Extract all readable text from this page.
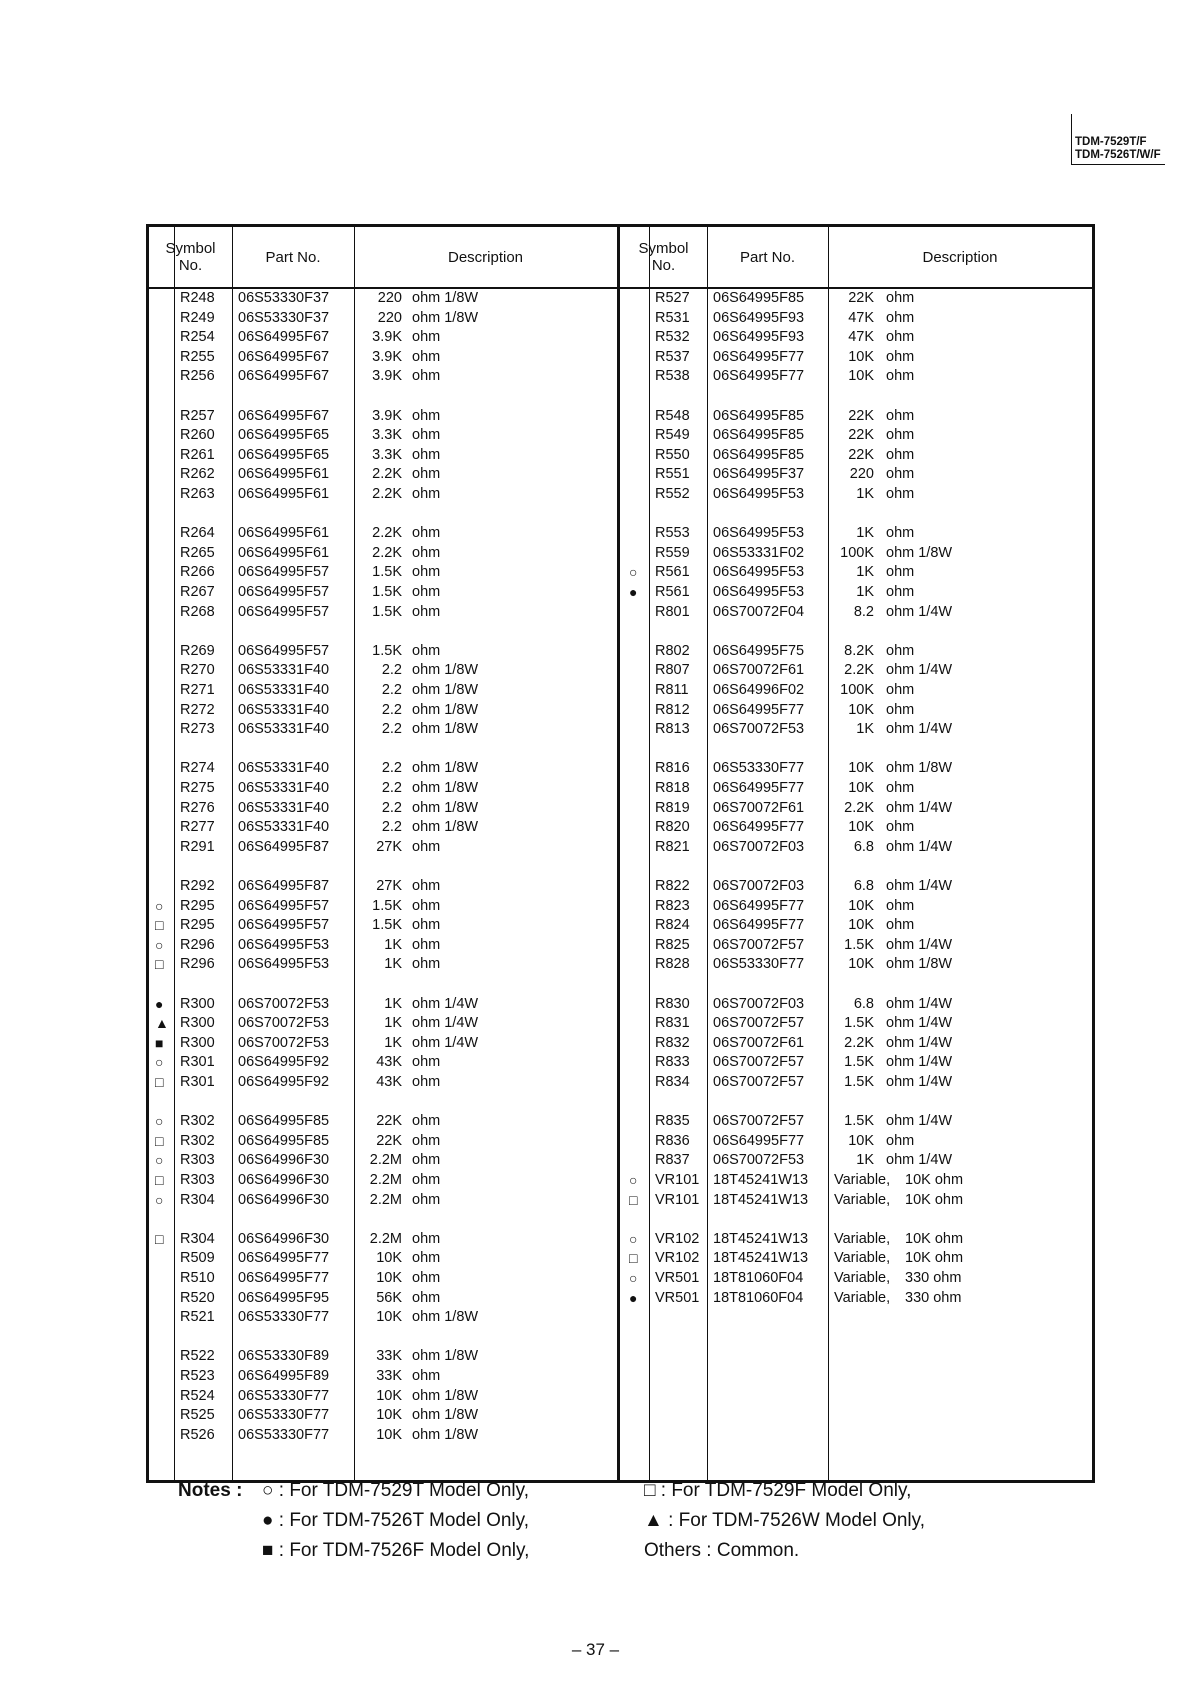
TDM-7529T/F
TDM-7526T/W/F
Symbol
No.	Part No.	Description
R248 06S53330F37	220 ohm 1/8W
R249 06S53330F37	220 ohm 1/8W
R254 06S64995F67	3.9K ohm
R255 06S64995F67	3.9K ohm
R256 06S64995F67	3.9K ohm
R257 06S64995F67	3.9K ohm
R260 06S64995F65	3.3K ohm
R261 06S64995F65	3.3K ohm
R262 06S64995F61	2.2K ohm
R263 06S64995F61	2.2K ohm
R264 06S64995F61	2.2K ohm
R265 06S64995F61	2.2K ohm
R266 06S64995F57	1.5K ohm
R267 06S64995F57	1.5K ohm
R268 06S64995F57	1.5K ohm
R269 06S64995F57	1.5K ohm
R270 06S53331F40	2.2 ohm 1/8W
R271 06S53331F40	2.2 ohm 1/8W
R272 06S53331F40	2.2 ohm 1/8W
R273 06S53331F40	2.2 ohm 1/8W
R274 06S53331F40	2.2 ohm 1/8W
R275 06S53331F40	2.2 ohm 1/8W
R276 06S53331F40	2.2 ohm 1/8W
R277 06S53331F40	2.2 ohm 1/8W
R291 06S64995F87	27K ohm
R292 06S64995F87	27K ohm
○ R295 06S64995F57	1.5K ohm
□ R295 06S64995F57	1.5K ohm
○ R296 06S64995F53	1K ohm
□ R296 06S64995F53	1K ohm
● R300 06S70072F53	1K ohm 1/4W
▲ R300 06S70072F53	1K ohm 1/4W
■ R300 06S70072F53	1K ohm 1/4W
○ R301 06S64995F92	43K ohm
□ R301 06S64995F92	43K ohm
○ R302 06S64995F85	22K ohm
□ R302 06S64995F85	22K ohm
○ R303 06S64996F30	2.2M ohm
□ R303 06S64996F30	2.2M ohm
○ R304 06S64996F30	2.2M ohm
□ R304 06S64996F30	2.2M ohm
R509 06S64995F77	10K ohm
R510 06S64995F77	10K ohm
R520 06S64995F95	56K ohm
R521 06S53330F77	10K ohm 1/8W
R522 06S53330F89	33K ohm 1/8W
R523 06S64995F89	33K ohm
R524 06S53330F77	10K ohm 1/8W
R525 06S53330F77	10K ohm 1/8W
R526 06S53330F77	10K ohm 1/8W
Symbol
No.	Part No.	Description
R527 06S64995F85	22K ohm
R531 06S64995F93	47K ohm
R532 06S64995F93	47K ohm
R537 06S64995F77	10K ohm
R538 06S64995F77	10K ohm
R548 06S64995F85	22K ohm
R549 06S64995F85	22K ohm
R550 06S64995F85	22K ohm
R551 06S64995F37	220 ohm
R552 06S64995F53	1K ohm
R553 06S64995F53	1K ohm
R559 06S53331F02 100K ohm 1/8W
○ R561 06S64995F53	1K ohm
● R561 06S64995F53	1K ohm
R801 06S70072F04	8.2 ohm 1/4W
R802 06S64995F75	8.2K ohm
R807 06S70072F61	2.2K ohm 1/4W
R811 06S64996F02 100K ohm
R812 06S64995F77	10K ohm
R813 06S70072F53	1K ohm 1/4W
R816 06S53330F77	10K ohm 1/8W
R818 06S64995F77	10K ohm
R819 06S70072F61	2.2K ohm 1/4W
R820 06S64995F77	10K ohm
R821 06S70072F03	6.8 ohm 1/4W
R822 06S70072F03	6.8 ohm 1/4W
R823 06S64995F77	10K ohm
R824 06S64995F77	10K ohm
R825 06S70072F57	1.5K ohm 1/4W
R828 06S53330F77	10K ohm 1/8W
R830 06S70072F03	6.8 ohm 1/4W
R831 06S70072F57	1.5K ohm 1/4W
R832 06S70072F61	2.2K ohm 1/4W
R833 06S70072F57	1.5K ohm 1/4W
R834 06S70072F57	1.5K ohm 1/4W
R835 06S70072F57	1.5K ohm 1/4W
R836 06S64995F77	10K ohm
R837 06S70072F53	1K ohm 1/4W
○ VR101 18T45241W13 Variable, 10K ohm
□ VR101 18T45241W13 Variable, 10K ohm
○ VR102 18T45241W13 Variable, 10K ohm
□ VR102 18T45241W13 Variable, 10K ohm
○ VR501 18T81060F04 Variable, 330 ohm
● VR501 18T81060F04 Variable, 330 ohm
Notes : ○ : For TDM-7529T Model Only,
● : For TDM-7526T Model Only,
■ : For TDM-7526F Model Only,
□ : For TDM-7529F Model Only,
▲ : For TDM-7526W Model Only,
Others : Common.
– 37 –
